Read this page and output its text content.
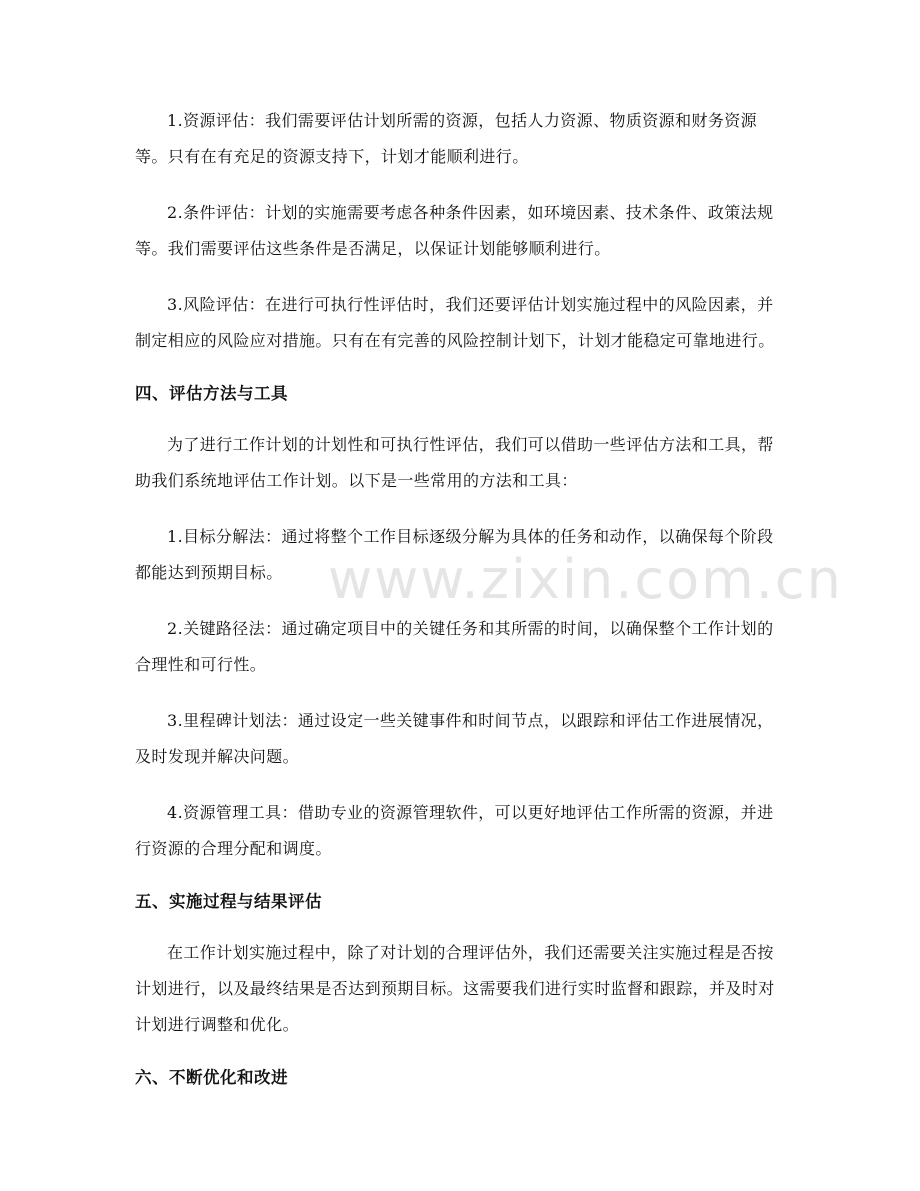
1.资源评估：我们需要评估计划所需的资源，包括人力资源、物质资源和财务资源等。只有在有充足的资源支持下，计划才能顺利进行。

2.条件评估：计划的实施需要考虑各种条件因素，如环境因素、技术条件、政策法规等。我们需要评估这些条件是否满足，以保证计划能够顺利进行。

3.风险评估：在进行可执行性评估时，我们还要评估计划实施过程中的风险因素，并制定相应的风险应对措施。只有在有完善的风险控制计划下，计划才能稳定可靠地进行。

四、评估方法与工具

为了进行工作计划的计划性和可执行性评估，我们可以借助一些评估方法和工具，帮助我们系统地评估工作计划。以下是一些常用的方法和工具：

1.目标分解法：通过将整个工作目标逐级分解为具体的任务和动作，以确保每个阶段都能达到预期目标。

2.关键路径法：通过确定项目中的关键任务和其所需的时间，以确保整个工作计划的合理性和可行性。

3.里程碑计划法：通过设定一些关键事件和时间节点，以跟踪和评估工作进展情况，及时发现并解决问题。

4.资源管理工具：借助专业的资源管理软件，可以更好地评估工作所需的资源，并进行资源的合理分配和调度。

五、实施过程与结果评估

在工作计划实施过程中，除了对计划的合理评估外，我们还需要关注实施过程是否按计划进行，以及最终结果是否达到预期目标。这需要我们进行实时监督和跟踪，并及时对计划进行调整和优化。

六、不断优化和改进
www.zixin.com.cn
